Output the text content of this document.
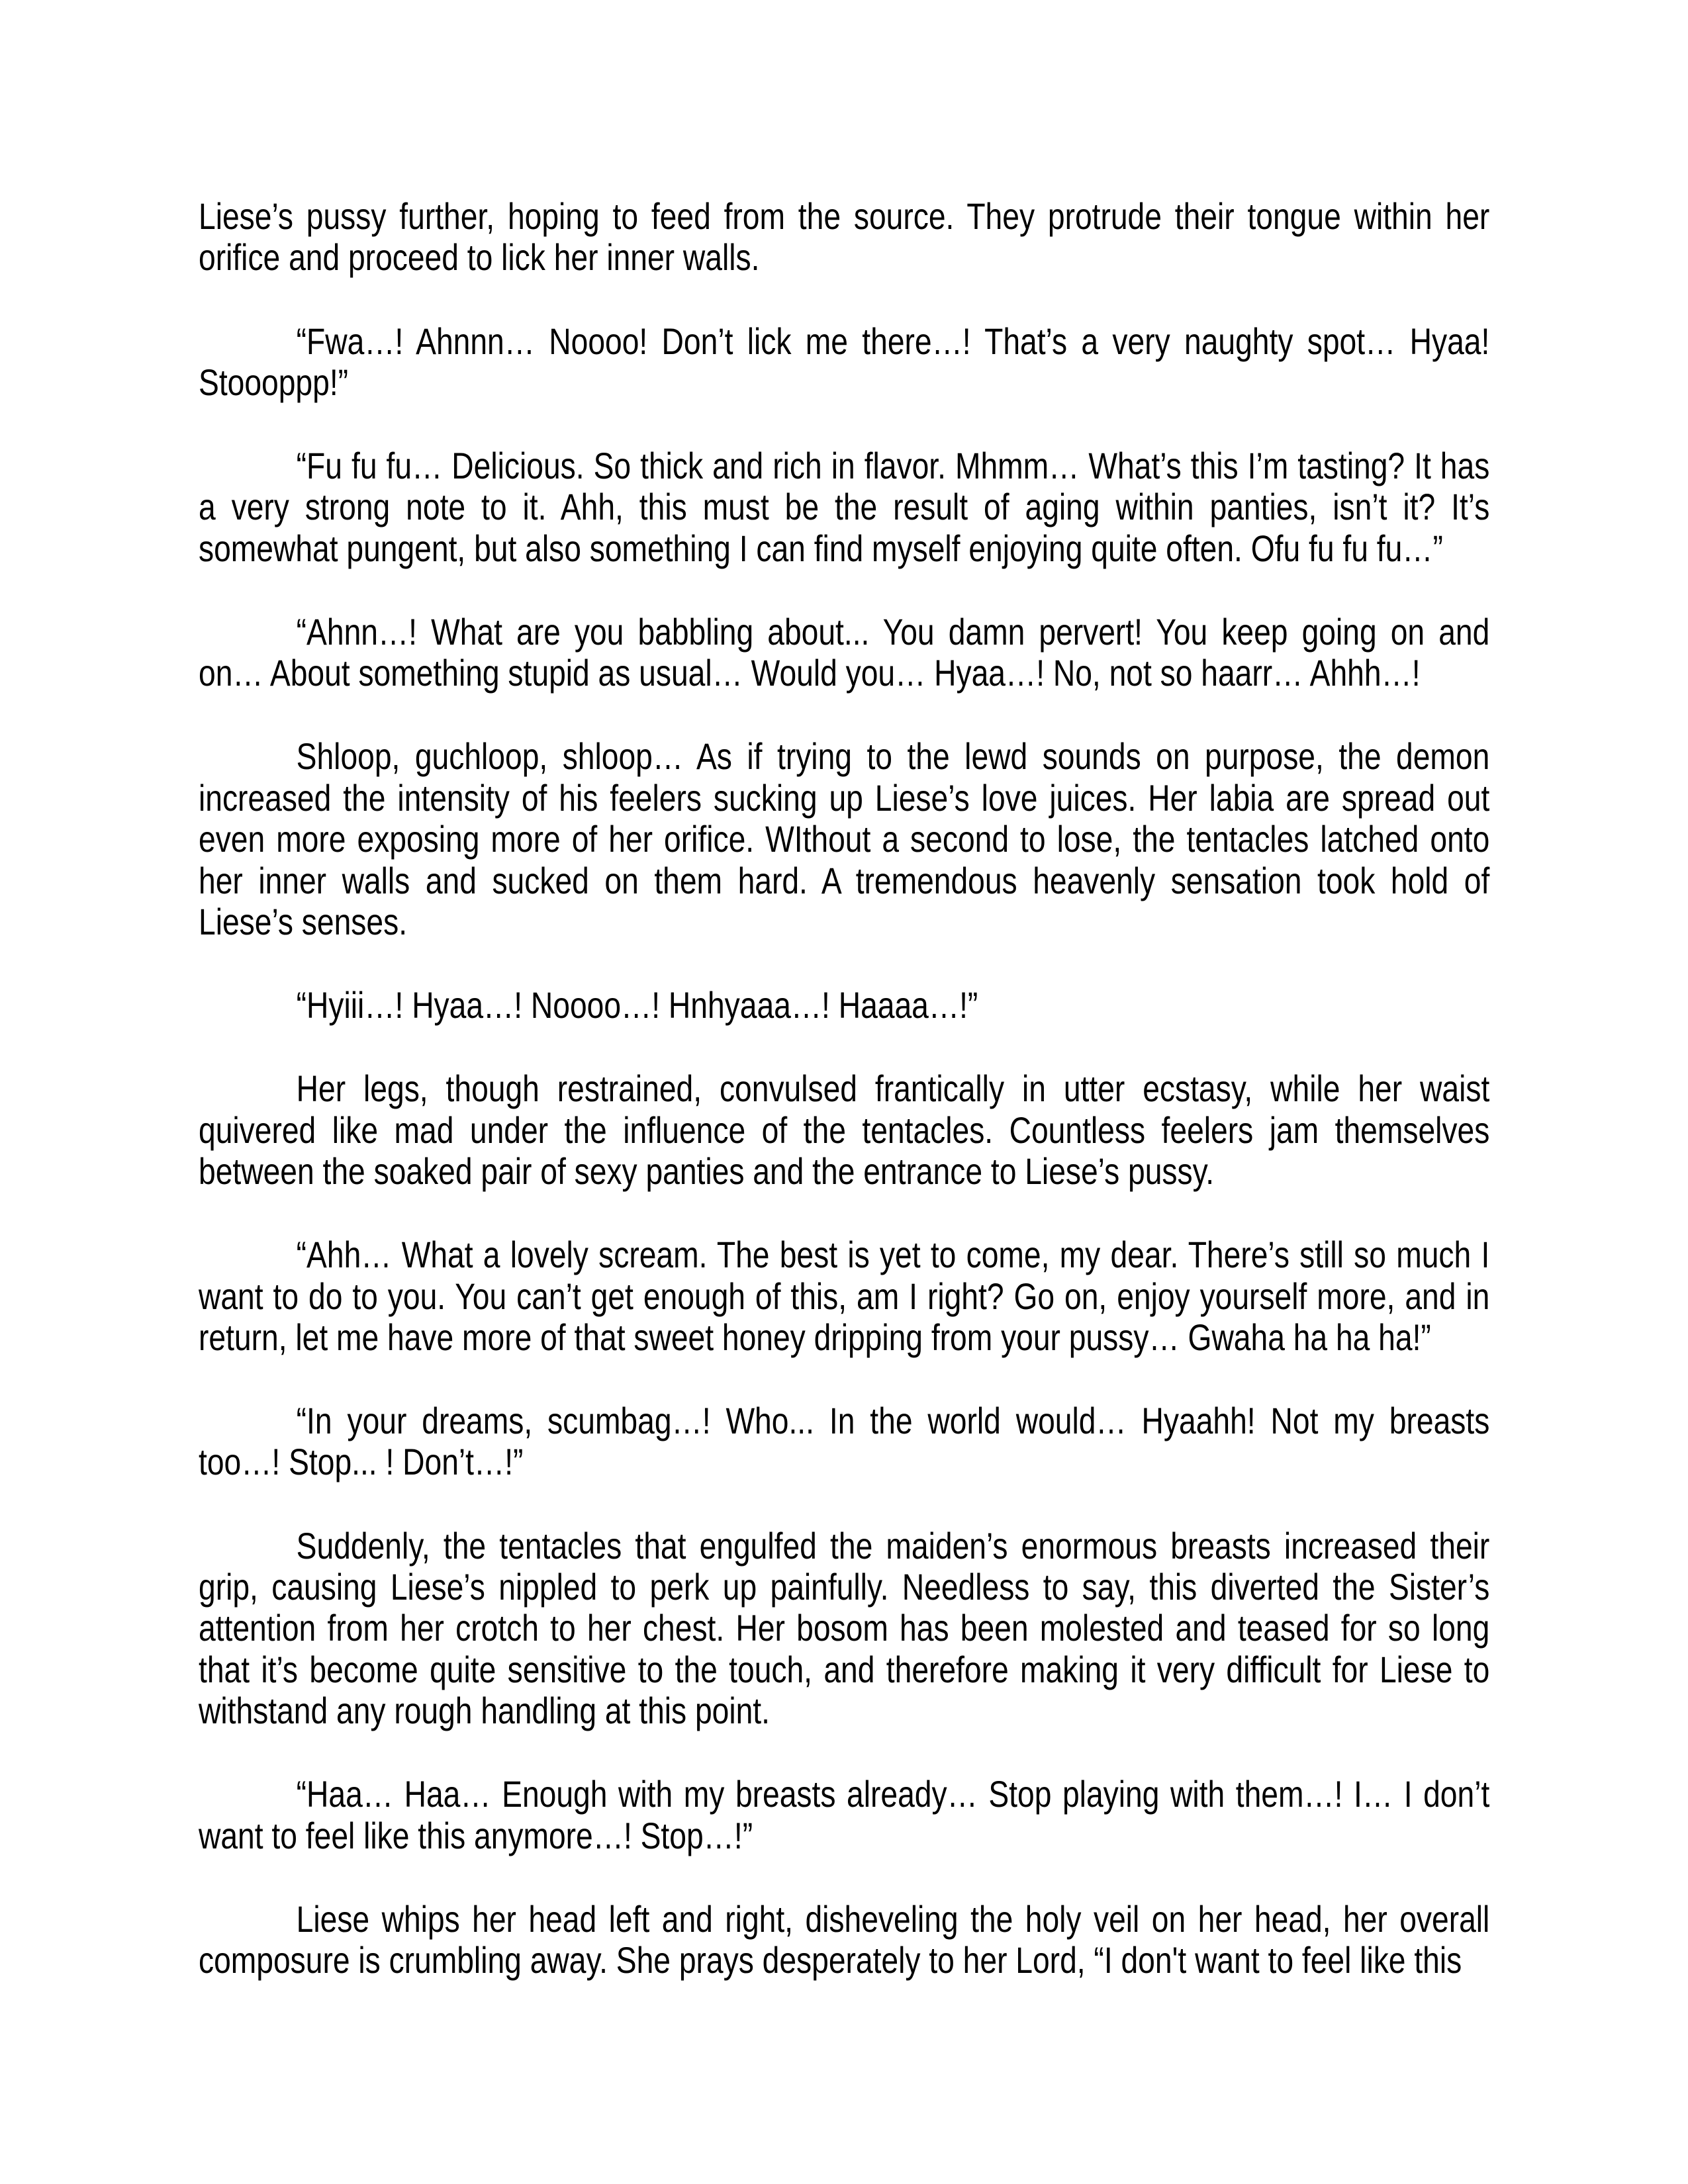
Liese’s pussy further, hoping to feed from the source. They protrude their tongue within her orifice and proceed to lick her inner walls.

“Fwa…! Ahnnn… Noooo! Don’t lick me there…! That’s a very naughty spot… Hyaa! Stoooppp!”

“Fu fu fu… Delicious. So thick and rich in flavor. Mhmm… What’s this I’m tasting? It has a very strong note to it. Ahh, this must be the result of aging within panties, isn’t it? It’s somewhat pungent, but also something I can find myself enjoying quite often. Ofu fu fu fu…”

“Ahnn…! What are you babbling about... You damn pervert! You keep going on and on… About something stupid as usual… Would you… Hyaa…! No, not so haarr… Ahhh…!

Shloop, guchloop, shloop… As if trying to the lewd sounds on purpose, the demon increased the intensity of his feelers sucking up Liese’s love juices. Her labia are spread out even more exposing more of her orifice. WIthout a second to lose, the tentacles latched onto her inner walls and sucked on them hard. A tremendous heavenly sensation took hold of Liese’s senses.

“Hyiii…! Hyaa…! Noooo…! Hnhyaaa…! Haaaa…!”

Her legs, though restrained, convulsed frantically in utter ecstasy, while her waist quivered like mad under the influence of the tentacles. Countless feelers jam themselves between the soaked pair of sexy panties and the entrance to Liese’s pussy.

“Ahh… What a lovely scream. The best is yet to come, my dear. There’s still so much I want to do to you. You can’t get enough of this, am I right? Go on, enjoy yourself more, and in return, let me have more of that sweet honey dripping from your pussy… Gwaha ha ha ha!”

“In your dreams, scumbag…! Who... In the world would… Hyaahh! Not my breasts too…! Stop... ! Don’t…!”

Suddenly, the tentacles that engulfed the maiden’s enormous breasts increased their grip, causing Liese’s nippled to perk up painfully. Needless to say, this diverted the Sister’s attention from her crotch to her chest. Her bosom has been molested and teased for so long that it’s become quite sensitive to the touch, and therefore making it very difficult for Liese to withstand any rough handling at this point.

“Haa… Haa… Enough with my breasts already… Stop playing with them…! I… I don’t want to feel like this anymore…! Stop…!”

Liese whips her head left and right, disheveling the holy veil on her head, her overall composure is crumbling away. She prays desperately to her Lord, “I don't want to feel like this
